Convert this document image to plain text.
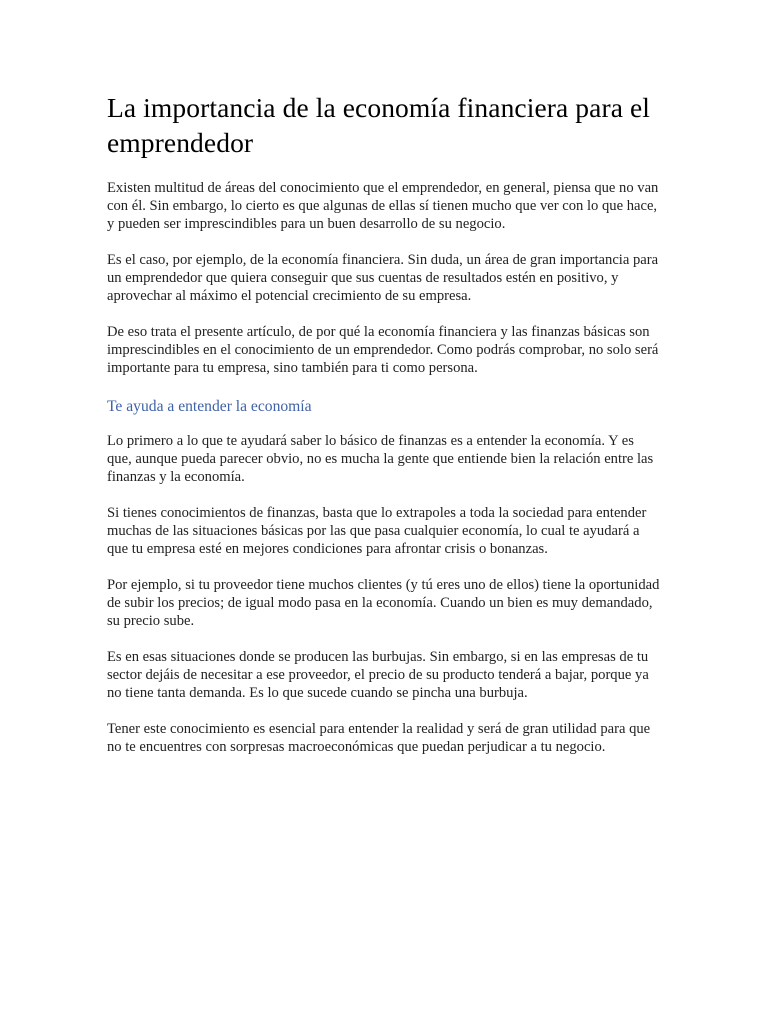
La importancia de la economía financiera para el emprendedor

Existen multitud de áreas del conocimiento que el emprendedor, en general, piensa que no van con él. Sin embargo, lo cierto es que algunas de ellas sí tienen mucho que ver con lo que hace, y pueden ser imprescindibles para un buen desarrollo de su negocio.

Es el caso, por ejemplo, de la economía financiera. Sin duda, un área de gran importancia para un emprendedor que quiera conseguir que sus cuentas de resultados estén en positivo, y aprovechar al máximo el potencial crecimiento de su empresa.

De eso trata el presente artículo, de por qué la economía financiera y las finanzas básicas son imprescindibles en el conocimiento de un emprendedor. Como podrás comprobar, no solo será importante para tu empresa, sino también para ti como persona.

Te ayuda a entender la economía

Lo primero a lo que te ayudará saber lo básico de finanzas es a entender la economía. Y es que, aunque pueda parecer obvio, no es mucha la gente que entiende bien la relación entre las finanzas y la economía.

Si tienes conocimientos de finanzas, basta que lo extrapoles a toda la sociedad para entender muchas de las situaciones básicas por las que pasa cualquier economía, lo cual te ayudará a que tu empresa esté en mejores condiciones para afrontar crisis o bonanzas.

Por ejemplo, si tu proveedor tiene muchos clientes (y tú eres uno de ellos) tiene la oportunidad de subir los precios; de igual modo pasa en la economía. Cuando un bien es muy demandado, su precio sube.

Es en esas situaciones donde se producen las burbujas. Sin embargo, si en las empresas de tu sector dejáis de necesitar a ese proveedor, el precio de su producto tenderá a bajar, porque ya no tiene tanta demanda. Es lo que sucede cuando se pincha una burbuja.

Tener este conocimiento es esencial para entender la realidad y será de gran utilidad para que no te encuentres con sorpresas macroeconómicas que puedan perjudicar a tu negocio.
